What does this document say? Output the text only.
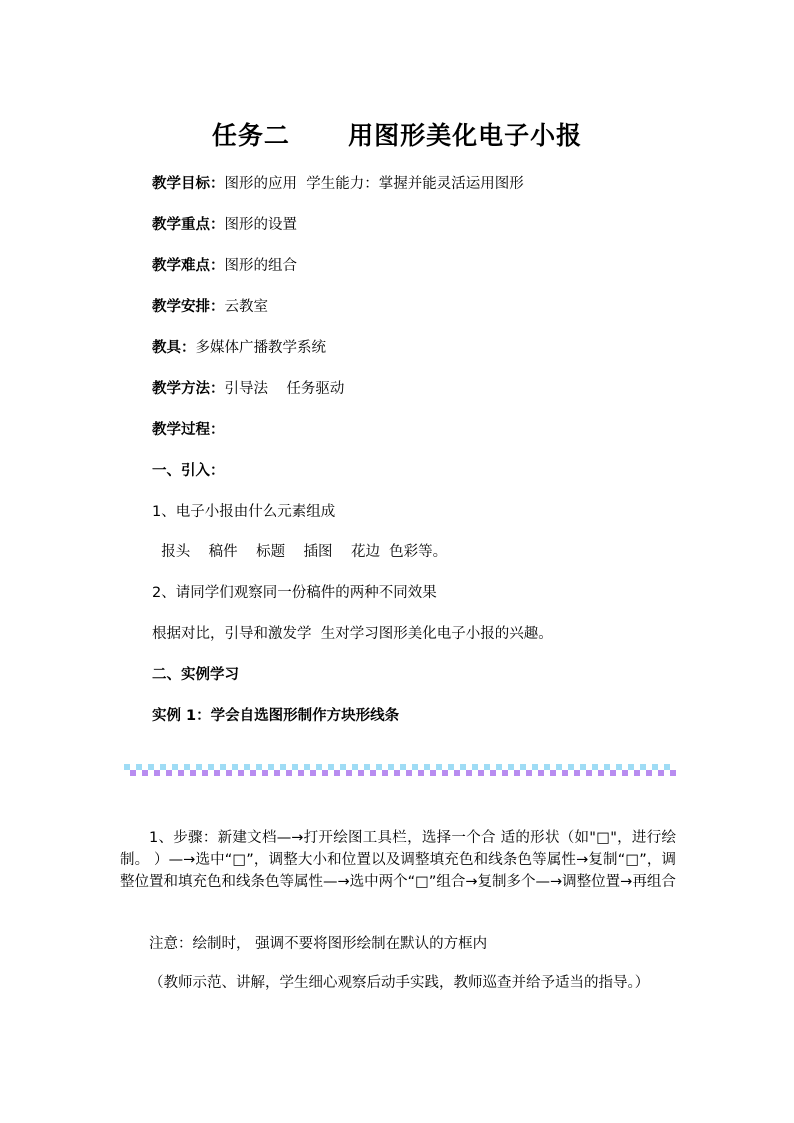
任务二      用图形美化电子小报
教学目标：图形的应用  学生能力：掌握并能灵活运用图形
教学重点：图形的设置
教学难点：图形的组合
教学安排：云教室
教具：多媒体广播教学系统
教学方法：引导法    任务驱动
教学过程：
一、引入：
1、电子小报由什么元素组成
报头    稿件    标题    插图    花边  色彩等。
2、请同学们观察同一份稿件的两种不同效果
根据对比，引导和激发学  生对学习图形美化电子小报的兴趣。
二、实例学习
实例 1：学会自选图形制作方块形线条
1、步骤：新建文档—→打开绘图工具栏，选择一个合 适的形状（如"□"，进行绘制。 ）—→选中“□”，调整大小和位置以及调整填充色和线条色等属性→复制“□”，调整位置和填充色和线条色等属性—→选中两个“□”组合→复制多个—→调整位置→再组合
注意：绘制时， 强调不要将图形绘制在默认的方框内
（教师示范、讲解，学生细心观察后动手实践，教师巡查并给予适当的指导。）
